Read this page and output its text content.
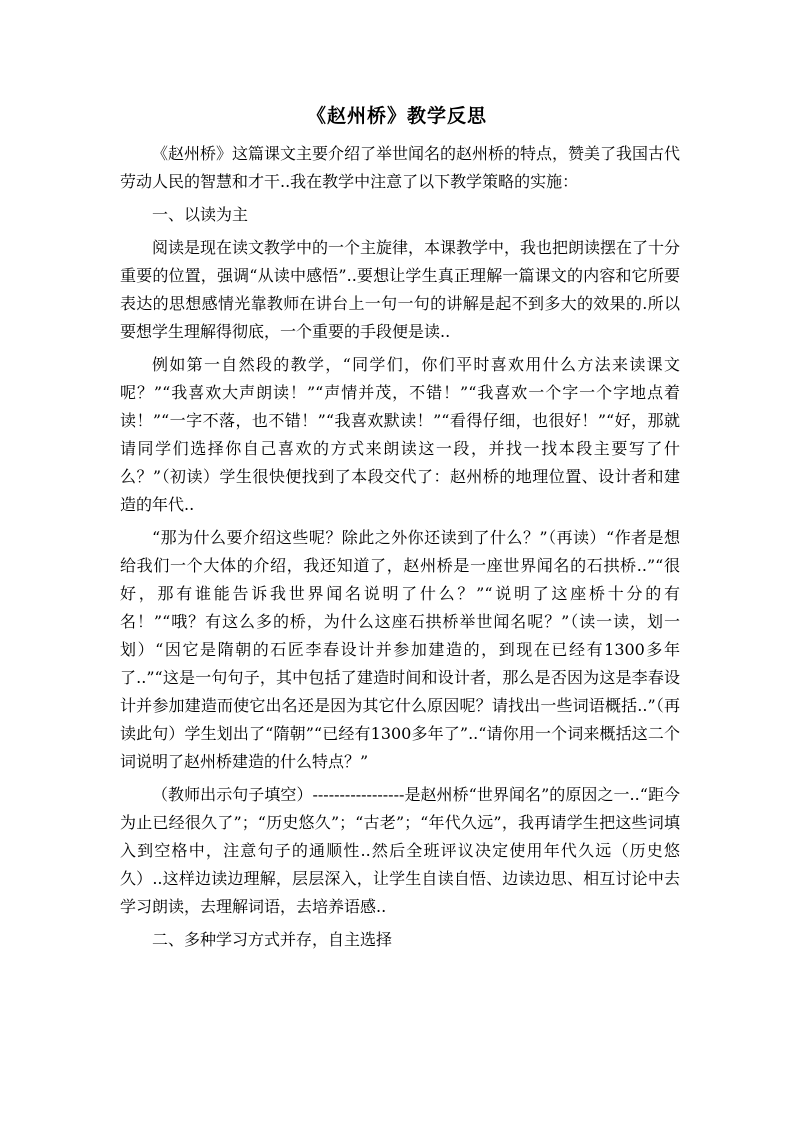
《赵州桥》教学反思

《赵州桥》这篇课文主要介绍了举世闻名的赵州桥的特点，赞美了我国古代劳动人民的智慧和才干..我在教学中注意了以下教学策略的实施：

一、以读为主

阅读是现在读文教学中的一个主旋律，本课教学中，我也把朗读摆在了十分重要的位置，强调“从读中感悟”..要想让学生真正理解一篇课文的内容和它所要表达的思想感情光靠教师在讲台上一句一句的讲解是起不到多大的效果的.所以要想学生理解得彻底，一个重要的手段便是读..

例如第一自然段的教学，“同学们，你们平时喜欢用什么方法来读课文呢？”“我喜欢大声朗读！”“声情并茂，不错！”“我喜欢一个字一个字地点着读！”“一字不落，也不错！”“我喜欢默读！”“看得仔细，也很好！”“好，那就请同学们选择你自己喜欢的方式来朗读这一段，并找一找本段主要写了什么？”（初读）学生很快便找到了本段交代了：赵州桥的地理位置、设计者和建造的年代..

“那为什么要介绍这些呢？除此之外你还读到了什么？”（再读）“作者是想给我们一个大体的介绍，我还知道了，赵州桥是一座世界闻名的石拱桥..”“很好，那有谁能告诉我世界闻名说明了什么？”“说明了这座桥十分的有名！”“哦？有这么多的桥，为什么这座石拱桥举世闻名呢？”（读一读，划一划）“因它是隋朝的石匠李春设计并参加建造的，到现在已经有1300多年了..”“这是一句句子，其中包括了建造时间和设计者，那么是否因为这是李春设计并参加建造而使它出名还是因为其它什么原因呢？请找出一些词语概括..”（再读此句）学生划出了“隋朝”“已经有1300多年了”..“请你用一个词来概括这二个词说明了赵州桥建造的什么特点？”

（教师出示句子填空）-----------------是赵州桥“世界闻名”的原因之一..“距今为止已经很久了”；“历史悠久”；“古老”；“年代久远”，我再请学生把这些词填入到空格中，注意句子的通顺性..然后全班评议决定使用年代久远（历史悠久）..这样边读边理解，层层深入，让学生自读自悟、边读边思、相互讨论中去学习朗读，去理解词语，去培养语感..

二、多种学习方式并存，自主选择
